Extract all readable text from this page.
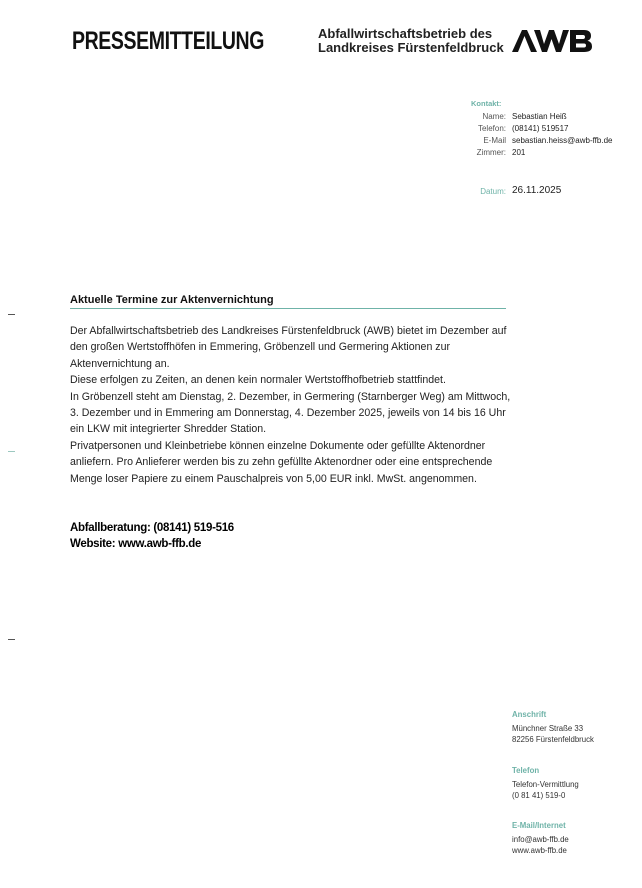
PRESSEMITTEILUNG	Abfallwirtschaftsbetrieb des
Landkreises Fürstenfeldbruck
Kontakt:
Name: Sebastian Heiß
Telefon: (08141) 519517
E-Mail sebastian.heiss@awb-ffb.de
Zimmer: 201
Datum: 26.11.2025
Aktuelle Termine zur Aktenvernichtung

Der Abfallwirtschaftsbetrieb des Landkreises Fürstenfeldbruck (AWB) bietet im Dezember auf den großen Wertstoffhöfen in Emmering, Gröbenzell und Germering Aktionen zur Aktenvernichtung an.

Diese erfolgen zu Zeiten, an denen kein normaler Wertstoffhofbetrieb stattfindet.

In Gröbenzell steht am Dienstag, 2. Dezember, in Germering (Starnberger Weg) am Mittwoch, 3. Dezember und in Emmering am Donnerstag, 4. Dezember 2025, jeweils von 14 bis 16 Uhr ein LKW mit integrierter Shredder Station.

Privatpersonen und Kleinbetriebe können einzelne Dokumente oder gefüllte Aktenordner anliefern. Pro Anlieferer werden bis zu zehn gefüllte Aktenordner oder eine entsprechende Menge loser Papiere zu einem Pauschalpreis von 5,00 EUR inkl. MwSt. angenommen.

Abfallberatung: (08141) 519-516
Website: www.awb-ffb.de
Anschrift
Münchner Straße 33
82256 Fürstenfeldbruck
Telefon
Telefon-Vermittlung
(0 81 41) 519-0
E-Mail/Internet
info@awb-ffb.de
www.awb-ffb.de
